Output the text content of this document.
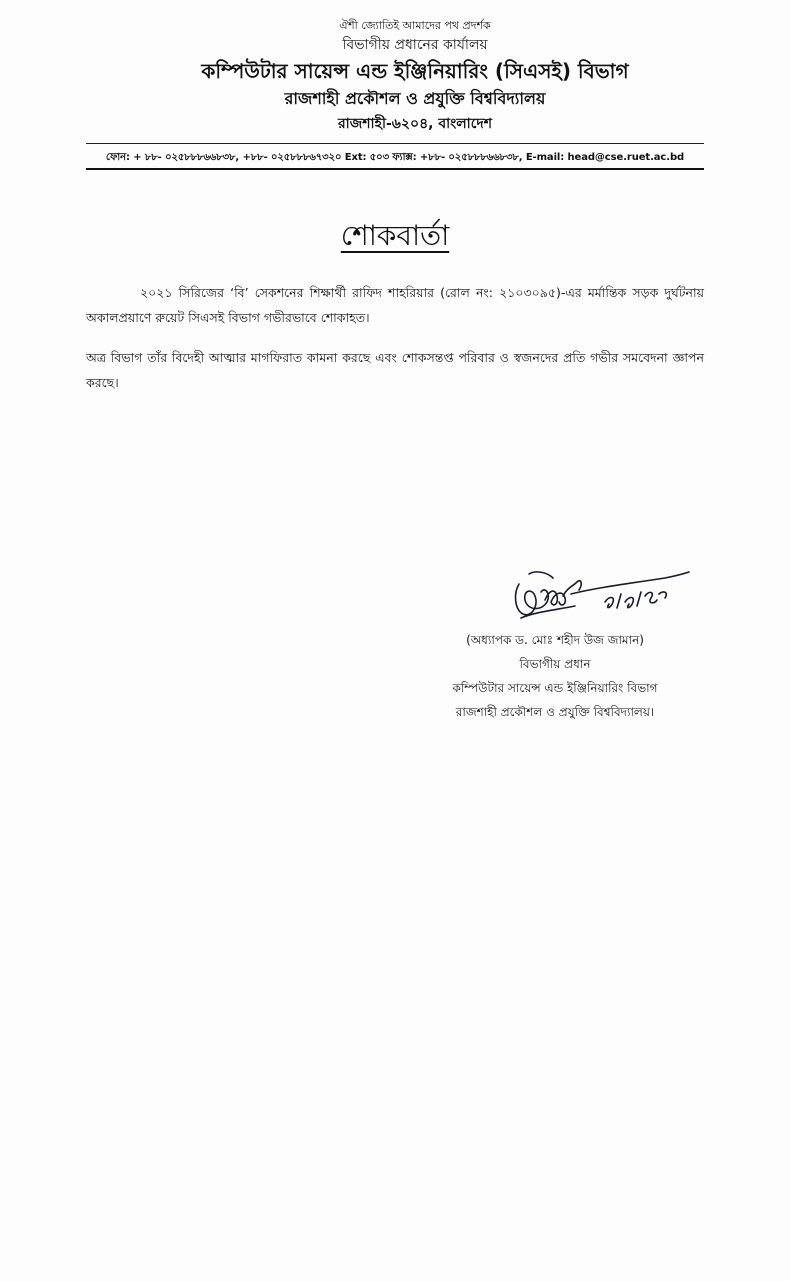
ঐশী জ্যোতিই আমাদের পথ প্রদর্শক
বিভাগীয় প্রধানের কার্যালয়
কম্পিউটার সায়েন্স এন্ড ইঞ্জিনিয়ারিং (সিএসই) বিভাগ
রাজশাহী প্রকৌশল ও প্রযুক্তি বিশ্ববিদ্যালয়
রাজশাহী-৬২০৪, বাংলাদেশ
ফোন: + ৮৮- ০২৫৮৮৮৬৬৮৩৮, +৮৮- ০২৫৮৮৮৬৭৩২০ Ext: ৫০৩ ফ্যাক্স: +৮৮- ০২৫৮৮৮৬৬৮৩৮, E-mail: head@cse.ruet.ac.bd
শোকবার্তা

২০২১ সিরিজের ‘বি’ সেকশনের শিক্ষার্থী রাফিদ শাহরিয়ার (রোল নং: ২১০৩০৯৫)-এর মর্মান্তিক সড়ক দুর্ঘটনায় অকালপ্রয়াণে রুয়েট সিএসই বিভাগ গভীরভাবে শোকাহত।

অত্র বিভাগ তাঁর বিদেহী আত্মার মাগফিরাত কামনা করছে এবং শোকসন্তপ্ত পরিবার ও স্বজনদের প্রতি গভীর সমবেদনা জ্ঞাপন করছে।

(অধ্যাপক ড. মোঃ শহীদ উজ জামান)
বিভাগীয় প্রধান
কম্পিউটার সায়েন্স এন্ড ইঞ্জিনিয়ারিং বিভাগ
রাজশাহী প্রকৌশল ও প্রযুক্তি বিশ্ববিদ্যালয়।
